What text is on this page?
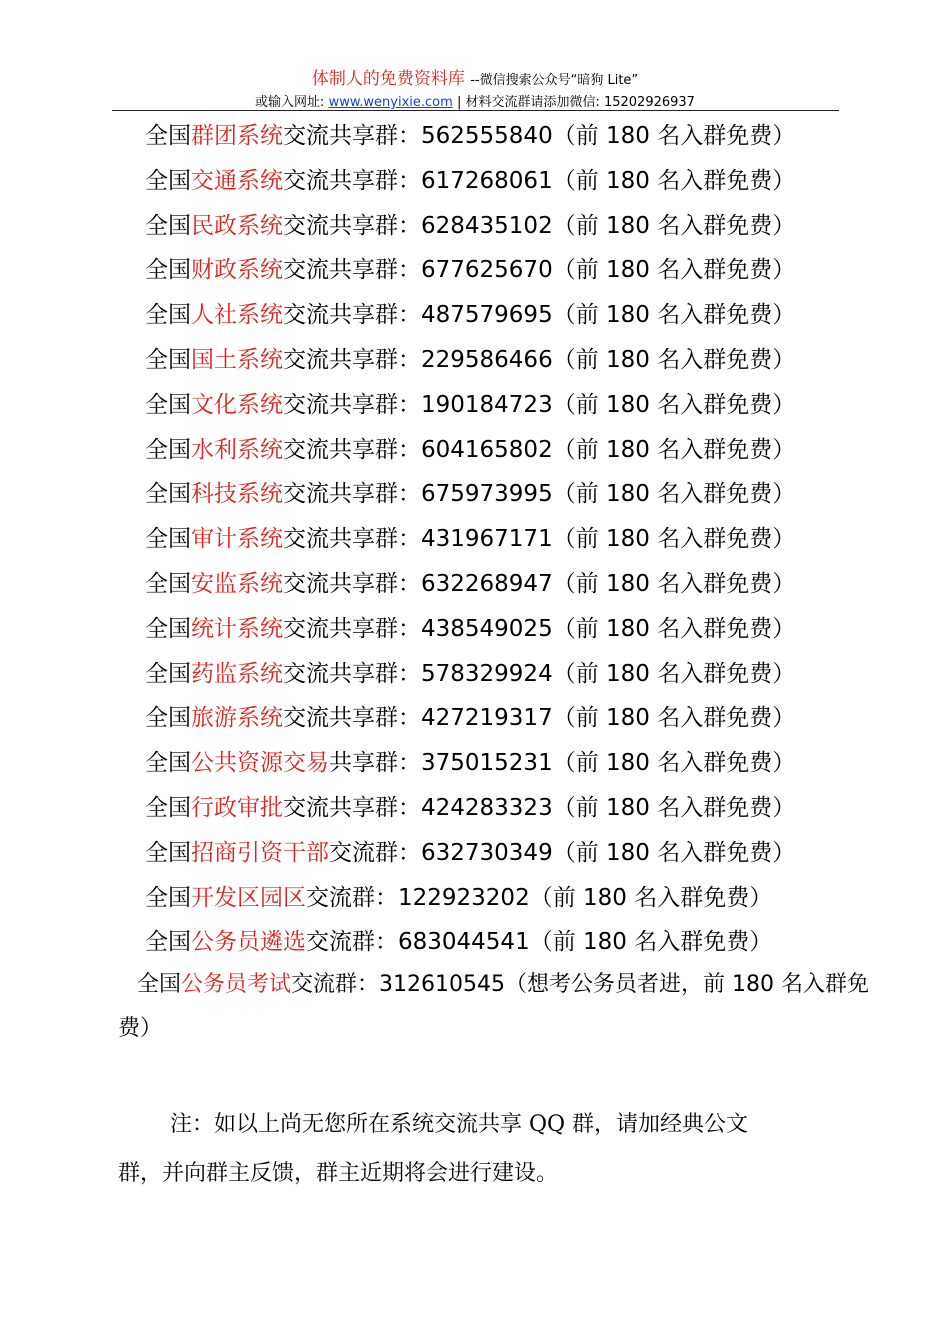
体制人的免费资料库 --微信搜索公众号“暗狗 Lite”
或输入网址: www.wenyixie.com | 材料交流群请添加微信: 15202926937
全国群团系统交流共享群：562555840（前 180 名入群免费）
全国交通系统交流共享群：617268061（前 180 名入群免费）
全国民政系统交流共享群：628435102（前 180 名入群免费）
全国财政系统交流共享群：677625670（前 180 名入群免费）
全国人社系统交流共享群：487579695（前 180 名入群免费）
全国国土系统交流共享群：229586466（前 180 名入群免费）
全国文化系统交流共享群：190184723（前 180 名入群免费）
全国水利系统交流共享群：604165802（前 180 名入群免费）
全国科技系统交流共享群：675973995（前 180 名入群免费）
全国审计系统交流共享群：431967171（前 180 名入群免费）
全国安监系统交流共享群：632268947（前 180 名入群免费）
全国统计系统交流共享群：438549025（前 180 名入群免费）
全国药监系统交流共享群：578329924（前 180 名入群免费）
全国旅游系统交流共享群：427219317（前 180 名入群免费）
全国公共资源交易共享群：375015231（前 180 名入群免费）
全国行政审批交流共享群：424283323（前 180 名入群免费）
全国招商引资干部交流群：632730349（前 180 名入群免费）
全国开发区园区交流群：122923202（前 180 名入群免费）
全国公务员遴选交流群：683044541（前 180 名入群免费）
全国公务员考试交流群：312610545（想考公务员者进，前 180 名入群免
费）
注：如以上尚无您所在系统交流共享 QQ 群，请加经典公文
群，并向群主反馈，群主近期将会进行建设。
